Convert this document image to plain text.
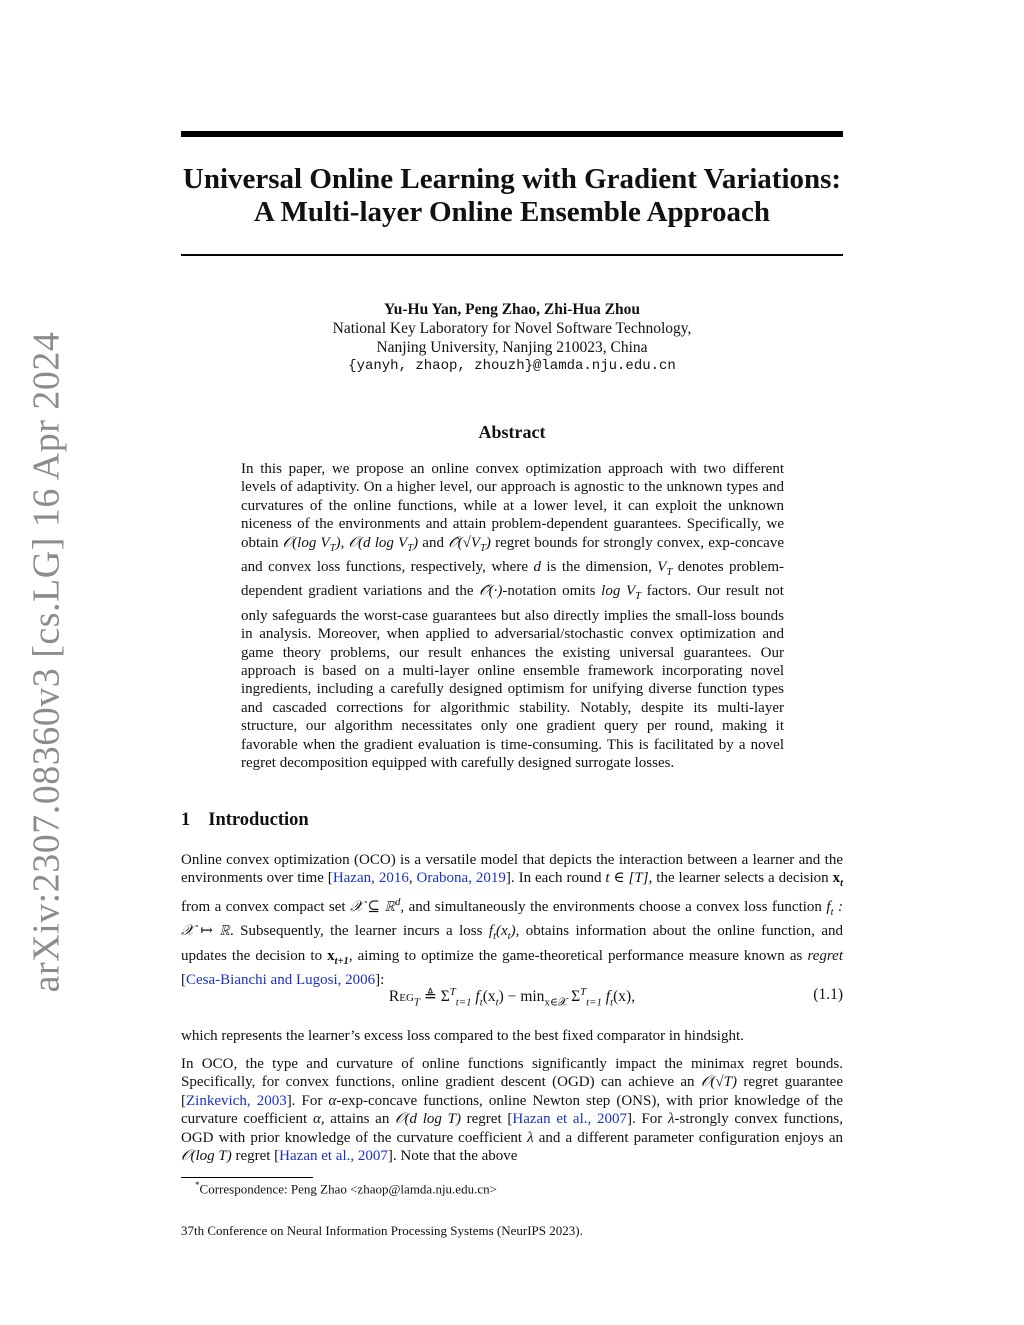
arXiv:2307.08360v3 [cs.LG] 16 Apr 2024
Universal Online Learning with Gradient Variations:
A Multi-layer Online Ensemble Approach
Yu-Hu Yan, Peng Zhao, Zhi-Hua Zhou
National Key Laboratory for Novel Software Technology,
Nanjing University, Nanjing 210023, China
{yanyh, zhaop, zhouzh}@lamda.nju.edu.cn
Abstract
In this paper, we propose an online convex optimization approach with two different levels of adaptivity. On a higher level, our approach is agnostic to the unknown types and curvatures of the online functions, while at a lower level, it can exploit the unknown niceness of the environments and attain problem-dependent guarantees. Specifically, we obtain 𝒪(log $V_T$), 𝒪(d $\log V_T$) and $𝒪̂(√V_T)$ regret bounds for strongly convex, exp-concave and convex loss functions, respectively, where d is the dimension, $V_T$ denotes problem-dependent gradient variations and the 𝒪̂(·)-notation omits $\log V_T$ factors. Our result not only safeguards the worst-case guarantees but also directly implies the small-loss bounds in analysis. Moreover, when applied to adversarial/stochastic convex optimization and game theory problems, our result enhances the existing universal guarantees. Our approach is based on a multi-layer online ensemble framework incorporating novel ingredients, including a carefully designed optimism for unifying diverse function types and cascaded corrections for algorithmic stability. Notably, despite its multi-layer structure, our algorithm necessitates only one gradient query per round, making it favorable when the gradient evaluation is time-consuming. This is facilitated by a novel regret decomposition equipped with carefully designed surrogate losses.
1 Introduction
Online convex optimization (OCO) is a versatile model that depicts the interaction between a learner and the environments over time [Hazan, 2016, Orabona, 2019]. In each round t ∈ [T], the learner selects a decision $x_t$ from a convex compact set 𝒳 ⊆ ℝ$^d$, and simultaneously the environments choose a convex loss function $f_t$ : 𝒳 ↦ ℝ. Subsequently, the learner incurs a loss $f_t(x_t)$, obtains information about the online function, and updates the decision to $x_{t+1}$, aiming to optimize the game-theoretical performance measure known as regret [Cesa-Bianchi and Lugosi, 2006]:
Reg$_T$ ≜ $\Sigma^T_{t=1}$ $f_t(x_t) - \min_{x\in 𝒳} \Sigma^T_{t=1}$ $f_t(x)$,	(1.1)
which represents the learner’s excess loss compared to the best fixed comparator in hindsight.
In OCO, the type and curvature of online functions significantly impact the minimax regret bounds. Specifically, for convex functions, online gradient descent (OGD) can achieve an 𝒪(√T) regret guarantee [Zinkevich, 2003]. For α-exp-concave functions, online Newton step (ONS), with prior knowledge of the curvature coefficient α, attains an 𝒪(d log T) regret [Hazan et al., 2007]. For λ-strongly convex functions, OGD with prior knowledge of the curvature coefficient λ and a different parameter configuration enjoys an 𝒪(log T) regret [Hazan et al., 2007]. Note that the above
*Correspondence: Peng Zhao <zhaop@lamda.nju.edu.cn>
37th Conference on Neural Information Processing Systems (NeurIPS 2023).
